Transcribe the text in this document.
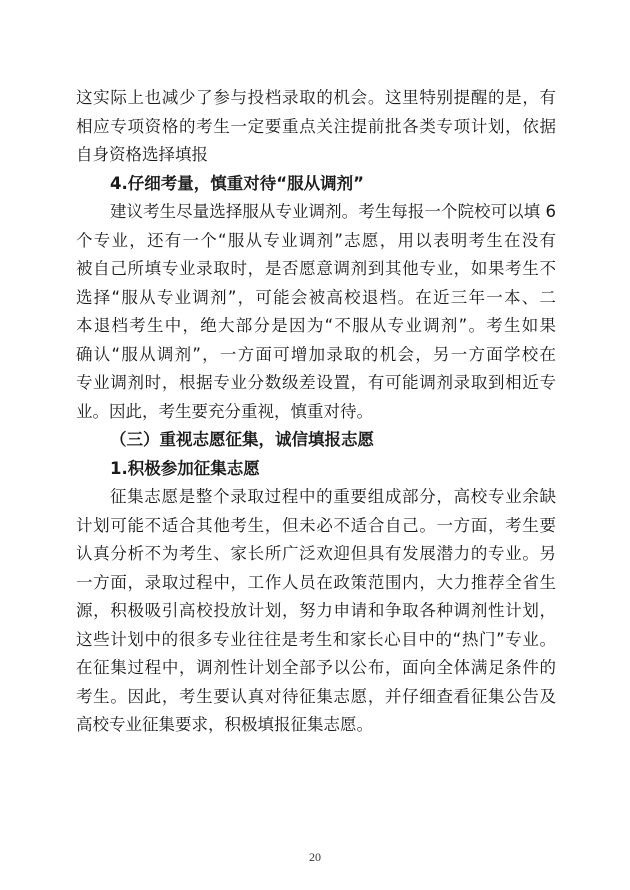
这实际上也减少了参与投档录取的机会。这里特别提醒的是，有
相应专项资格的考生一定要重点关注提前批各类专项计划，依据
自身资格选择填报
4.仔细考量，慎重对待“服从调剂”
建议考生尽量选择服从专业调剂。考生每报一个院校可以填 6
个专业，还有一个“服从专业调剂”志愿，用以表明考生在没有
被自己所填专业录取时，是否愿意调剂到其他专业，如果考生不
选择“服从专业调剂”，可能会被高校退档。在近三年一本、二
本退档考生中，绝大部分是因为“不服从专业调剂”。考生如果
确认“服从调剂”，一方面可增加录取的机会，另一方面学校在
专业调剂时，根据专业分数级差设置，有可能调剂录取到相近专
业。因此，考生要充分重视，慎重对待。
（三）重视志愿征集，诚信填报志愿
1.积极参加征集志愿
征集志愿是整个录取过程中的重要组成部分，高校专业余缺
计划可能不适合其他考生，但未必不适合自己。一方面，考生要
认真分析不为考生、家长所广泛欢迎但具有发展潜力的专业。另
一方面，录取过程中，工作人员在政策范围内，大力推荐全省生
源，积极吸引高校投放计划，努力申请和争取各种调剂性计划，
这些计划中的很多专业往往是考生和家长心目中的“热门”专业。
在征集过程中，调剂性计划全部予以公布，面向全体满足条件的
考生。因此，考生要认真对待征集志愿，并仔细查看征集公告及
高校专业征集要求，积极填报征集志愿。
20
